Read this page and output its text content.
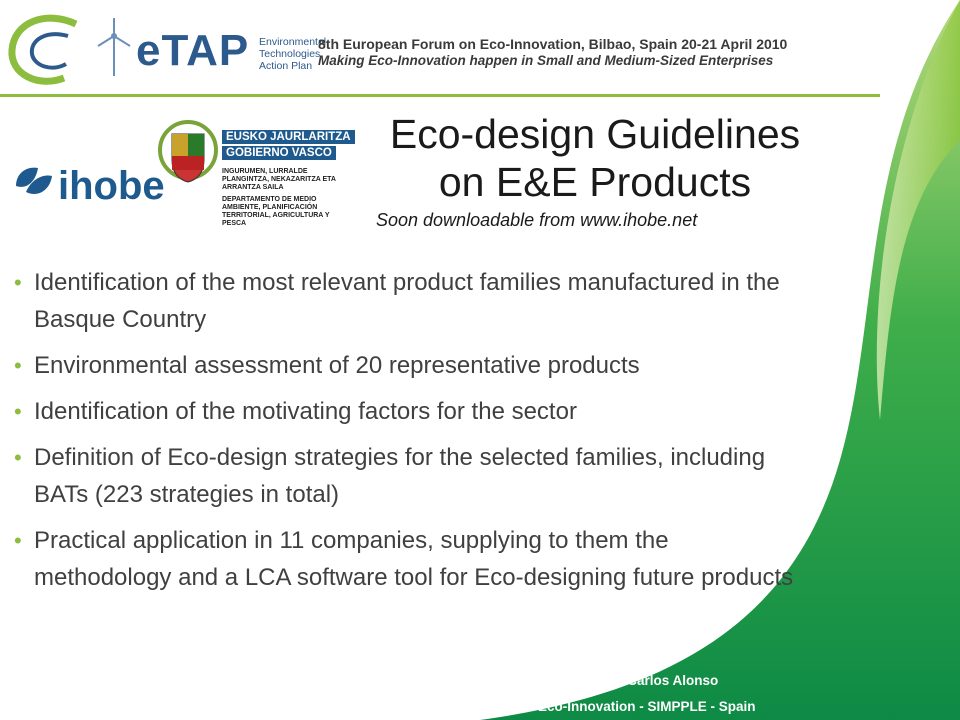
eTAP Environmental
Technologies
Action Plan
8th European Forum on Eco-Innovation, Bilbao, Spain 20-21 April 2010
Making Eco-Innovation happen in Small and Medium-Sized Enterprises
ihobe
EUSKO JAURLARITZA
GOBIERNO VASCO
INGURUMEN, LURRALDE PLANGINTZA, NEKAZARITZA ETA ARRANTZA SAILA
DEPARTAMENTO DE MEDIO AMBIENTE, PLANIFICACIÓN TERRITORIAL, AGRICULTURA Y PESCA
Eco-design Guidelines
on E&E Products
Soon downloadable from www.ihobe.net
• Identification of the most relevant product families manufactured in the Basque Country
• Environmental assessment of 20 representative products
• Identification of the motivating factors for the sector
• Definition of Eco-design strategies for the selected families, including BATs (223 strategies in total)
• Practical application in 11 companies, supplying to them the methodology and a LCA software tool for Eco-designing future products
Juan Carlos Alonso
Eco-Innovation - SIMPPLE - Spain
